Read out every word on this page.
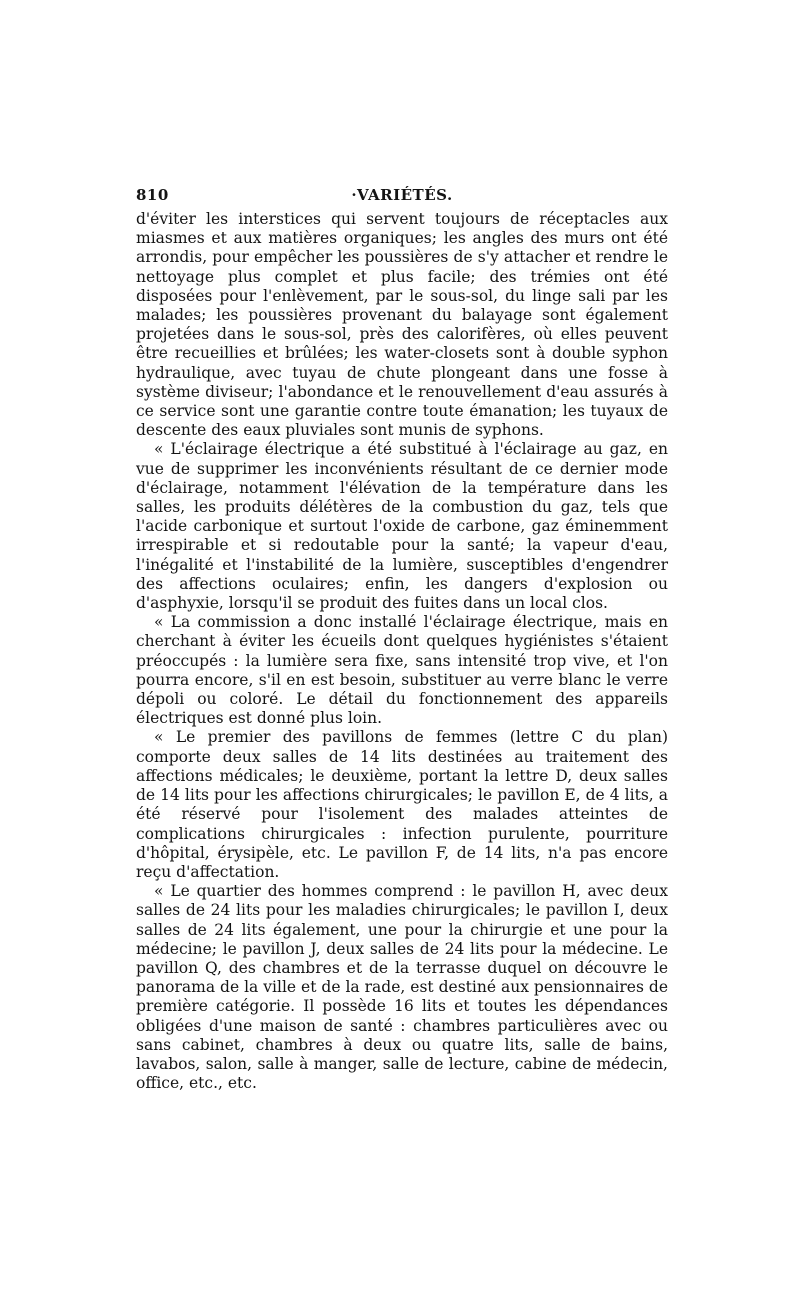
810	·VARIÉTÉS.

d'éviter les interstices qui servent toujours de réceptacles aux miasmes et aux matières organiques; les angles des murs ont été arrondis, pour empêcher les poussières de s'y attacher et rendre le nettoyage plus complet et plus facile; des trémies ont été disposées pour l'enlèvement, par le sous-sol, du linge sali par les malades; les poussières provenant du balayage sont également projetées dans le sous-sol, près des calorifères, où elles peuvent être recueillies et brûlées; les water-closets sont à double syphon hydraulique, avec tuyau de chute plongeant dans une fosse à système diviseur; l'abondance et le renouvellement d'eau assurés à ce service sont une garantie contre toute émanation; les tuyaux de descente des eaux pluviales sont munis de syphons.

« L'éclairage électrique a été substitué à l'éclairage au gaz, en vue de supprimer les inconvénients résultant de ce dernier mode d'éclairage, notamment l'élévation de la température dans les salles, les produits délétères de la combustion du gaz, tels que l'acide carbonique et surtout l'oxide de carbone, gaz éminemment irrespirable et si redoutable pour la santé; la vapeur d'eau, l'inégalité et l'instabilité de la lumière, susceptibles d'engendrer des affections oculaires; enfin, les dangers d'explosion ou d'asphyxie, lorsqu'il se produit des fuites dans un local clos.

« La commission a donc installé l'éclairage électrique, mais en cherchant à éviter les écueils dont quelques hygiénistes s'étaient préoccupés : la lumière sera fixe, sans intensité trop vive, et l'on pourra encore, s'il en est besoin, substituer au verre blanc le verre dépoli ou coloré. Le détail du fonctionnement des appareils électriques est donné plus loin.

« Le premier des pavillons de femmes (lettre C du plan) comporte deux salles de 14 lits destinées au traitement des affections médicales; le deuxième, portant la lettre D, deux salles de 14 lits pour les affections chirurgicales; le pavillon E, de 4 lits, a été réservé pour l'isolement des malades atteintes de complications chirurgicales : infection purulente, pourriture d'hôpital, érysipèle, etc. Le pavillon F, de 14 lits, n'a pas encore reçu d'affectation.

« Le quartier des hommes comprend : le pavillon H, avec deux salles de 24 lits pour les maladies chirurgicales; le pavillon I, deux salles de 24 lits également, une pour la chirurgie et une pour la médecine; le pavillon J, deux salles de 24 lits pour la médecine. Le pavillon Q, des chambres et de la terrasse duquel on découvre le panorama de la ville et de la rade, est destiné aux pensionnaires de première catégorie. Il possède 16 lits et toutes les dépendances obligées d'une maison de santé : chambres particulières avec ou sans cabinet, chambres à deux ou quatre lits, salle de bains, lavabos, salon, salle à manger, salle de lecture, cabine de médecin, office, etc., etc.
